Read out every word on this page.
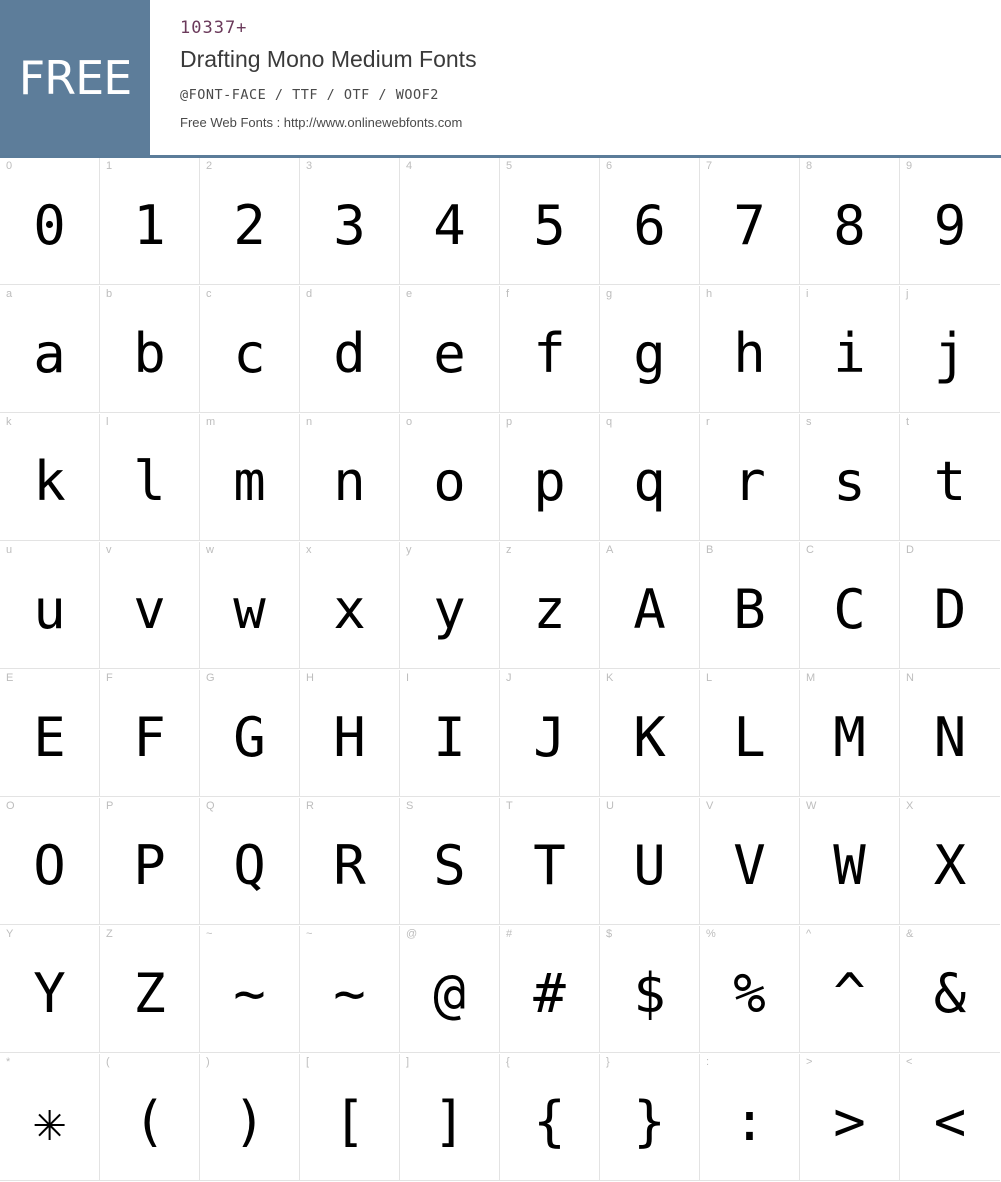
FREE
10337+
Drafting Mono Medium Fonts
@FONT-FACE / TTF / OTF / WOOF2
Free Web Fonts : http://www.onlinewebfonts.com
0
0
1
1
2
2
3
3
4
4
5
5
6
6
7
7
8
8
9
9
a
a
b
b
c
c
d
d
e
e
f
f
g
g
h
h
i
i
j
j
k
k
l
l
m
m
n
n
o
o
p
p
q
q
r
r
s
s
t
t
u
u
v
v
w
w
x
x
y
y
z
z
A
A
B
B
C
C
D
D
E
E
F
F
G
G
H
H
I
I
J
J
K
K
L
L
M
M
N
N
O
O
P
P
Q
Q
R
R
S
S
T
T
U
U
V
V
W
W
X
X
Y
Y
Z
Z
~
~
~
~
@
@
#
#
$
$
%
%
^
^
&
&
*
✳
(
(
)
)
[
[
]
]
{
{
}
}
:
:
>
>
<
<
